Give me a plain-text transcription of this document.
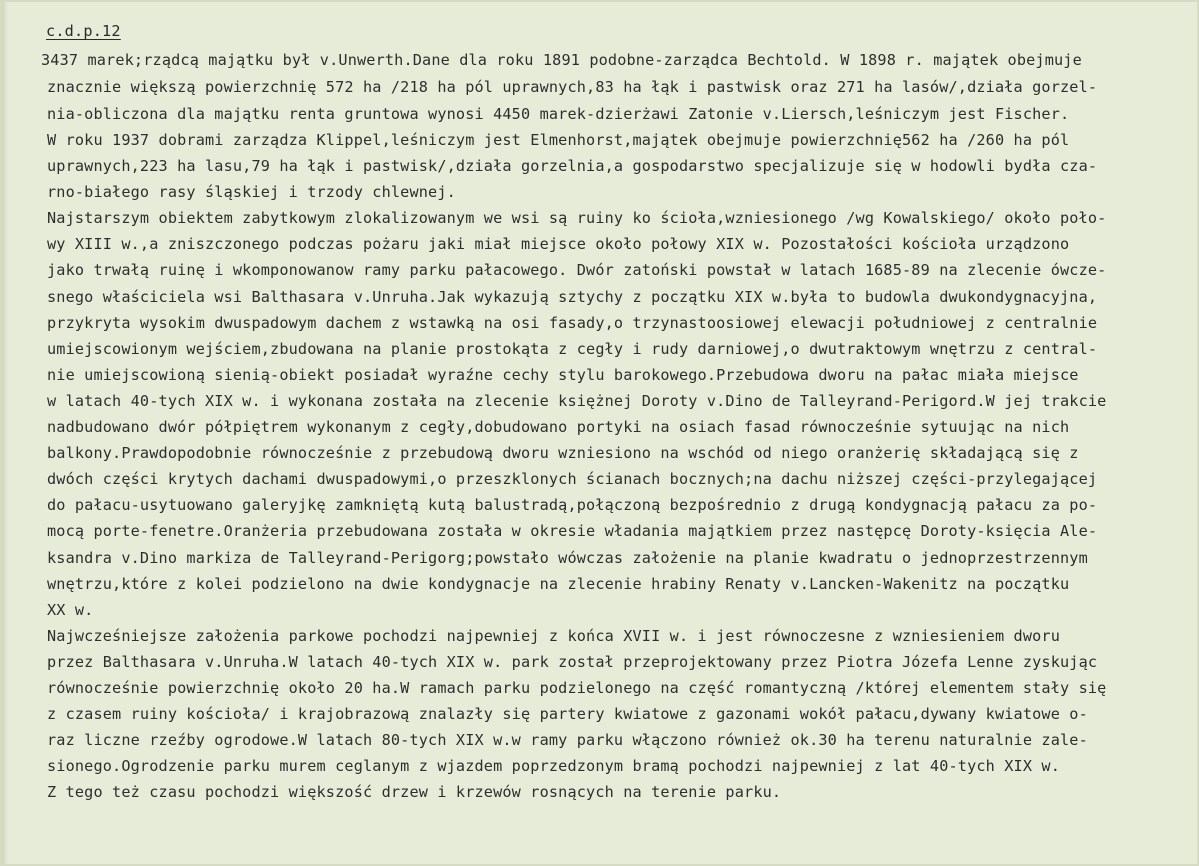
c.d.p.12
3437 marek;rządcą majątku był v.Unwerth.Dane dla roku 1891 podobne-zarządca Bechtold. W 1898 r. majątek obejmuje
znacznie większą powierzchnię 572 ha /218 ha pól uprawnych,83 ha łąk i pastwisk oraz 271 ha lasów/,działa gorzel-
nia-obliczona dla majątku renta gruntowa wynosi 4450 marek-dzierżawi Zatonie v.Liersch,leśniczym jest Fischer.
W roku 1937 dobrami zarządza Klippel,leśniczym jest Elmenhorst,majątek obejmuje powierzchnię562 ha /260 ha pól
uprawnych,223 ha lasu,79 ha łąk i pastwisk/,działa gorzelnia,a gospodarstwo specjalizuje się w hodowli bydła cza-
rno-białego rasy śląskiej i trzody chlewnej.
Najstarszym obiektem zabytkowym zlokalizowanym we wsi są ruiny ko ścioła,wzniesionego /wg Kowalskiego/ około poło-
wy XIII w.,a zniszczonego podczas pożaru jaki miał miejsce około połowy XIX w. Pozostałości kościoła urządzono
jako trwałą ruinę i wkomponowanow ramy parku pałacowego. Dwór zatoński powstał w latach 1685-89 na zlecenie ówcze-
snego właściciela wsi Balthasara v.Unruha.Jak wykazują sztychy z początku XIX w.była to budowla dwukondygnacyjna,
przykryta wysokim dwuspadowym dachem z wstawką na osi fasady,o trzynastoosiowej elewacji południowej z centralnie
umiejscowionym wejściem,zbudowana na planie prostokąta z cegły i rudy darniowej,o dwutraktowym wnętrzu z central-
nie umiejscowioną sienią-obiekt posiadał wyraźne cechy stylu barokowego.Przebudowa dworu na pałac miała miejsce
w latach 40-tych XIX w. i wykonana została na zlecenie księżnej Doroty v.Dino de Talleyrand-Perigord.W jej trakcie
nadbudowano dwór półpiętrem wykonanym z cegły,dobudowano portyki na osiach fasad równocześnie sytuując na nich
balkony.Prawdopodobnie równocześnie z przebudową dworu wzniesiono na wschód od niego oranżerię składającą się z
dwóch części krytych dachami dwuspadowymi,o przeszklonych ścianach bocznych;na dachu niższej części-przylegającej
do pałacu-usytuowano galeryjkę zamkniętą kutą balustradą,połączoną bezpośrednio z drugą kondygnacją pałacu za po-
mocą porte-fenetre.Oranżeria przebudowana została w okresie władania majątkiem przez następcę Doroty-księcia Ale-
ksandra v.Dino markiza de Talleyrand-Perigorg;powstało wówczas założenie na planie kwadratu o jednoprzestrzennym
wnętrzu,które z kolei podzielono na dwie kondygnacje na zlecenie hrabiny Renaty v.Lancken-Wakenitz na początku
XX w.
Najwcześniejsze założenia parkowe pochodzi najpewniej z końca XVII w. i jest równoczesne z wzniesieniem dworu
przez Balthasara v.Unruha.W latach 40-tych XIX w. park został przeprojektowany przez Piotra Józefa Lenne zyskując
równocześnie powierzchnię około 20 ha.W ramach parku podzielonego na część romantyczną /której elementem stały się
z czasem ruiny kościoła/ i krajobrazową znalazły się partery kwiatowe z gazonami wokół pałacu,dywany kwiatowe o-
raz liczne rzeźby ogrodowe.W latach 80-tych XIX w.w ramy parku włączono również ok.30 ha terenu naturalnie zale-
sionego.Ogrodzenie parku murem ceglanym z wjazdem poprzedzonym bramą pochodzi najpewniej z lat 40-tych XIX w.
Z tego też czasu pochodzi większość drzew i krzewów rosnących na terenie parku.
